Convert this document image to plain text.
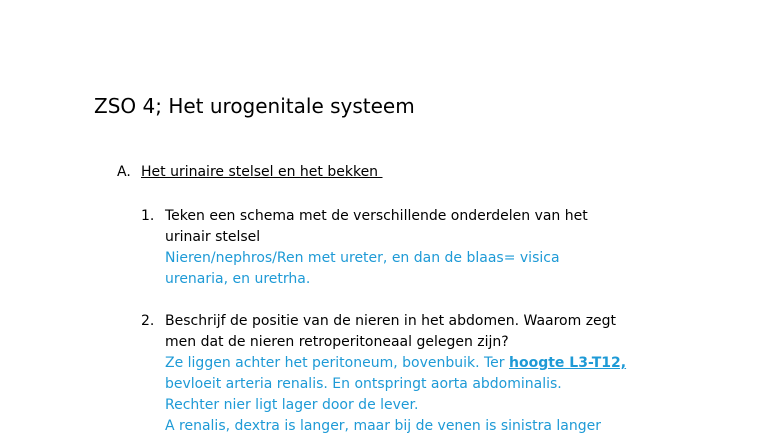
ZSO 4; Het urogenitale systeem
A. Het urinaire stelsel en het bekken
1. Teken een schema met de verschillende onderdelen van het
urinair stelsel
Nieren/nephros/Ren met ureter, en dan de blaas= visica
urenaria, en uretrha.
2. Beschrijf de positie van de nieren in het abdomen. Waarom zegt
men dat de nieren retroperitoneaal gelegen zijn?
Ze liggen achter het peritoneum, bovenbuik. Ter hoogte L3-T12,
bevloeit arteria renalis. En ontspringt aorta abdominalis.
Rechter nier ligt lager door de lever.
A renalis, dextra is langer, maar bij de venen is sinistra langer
